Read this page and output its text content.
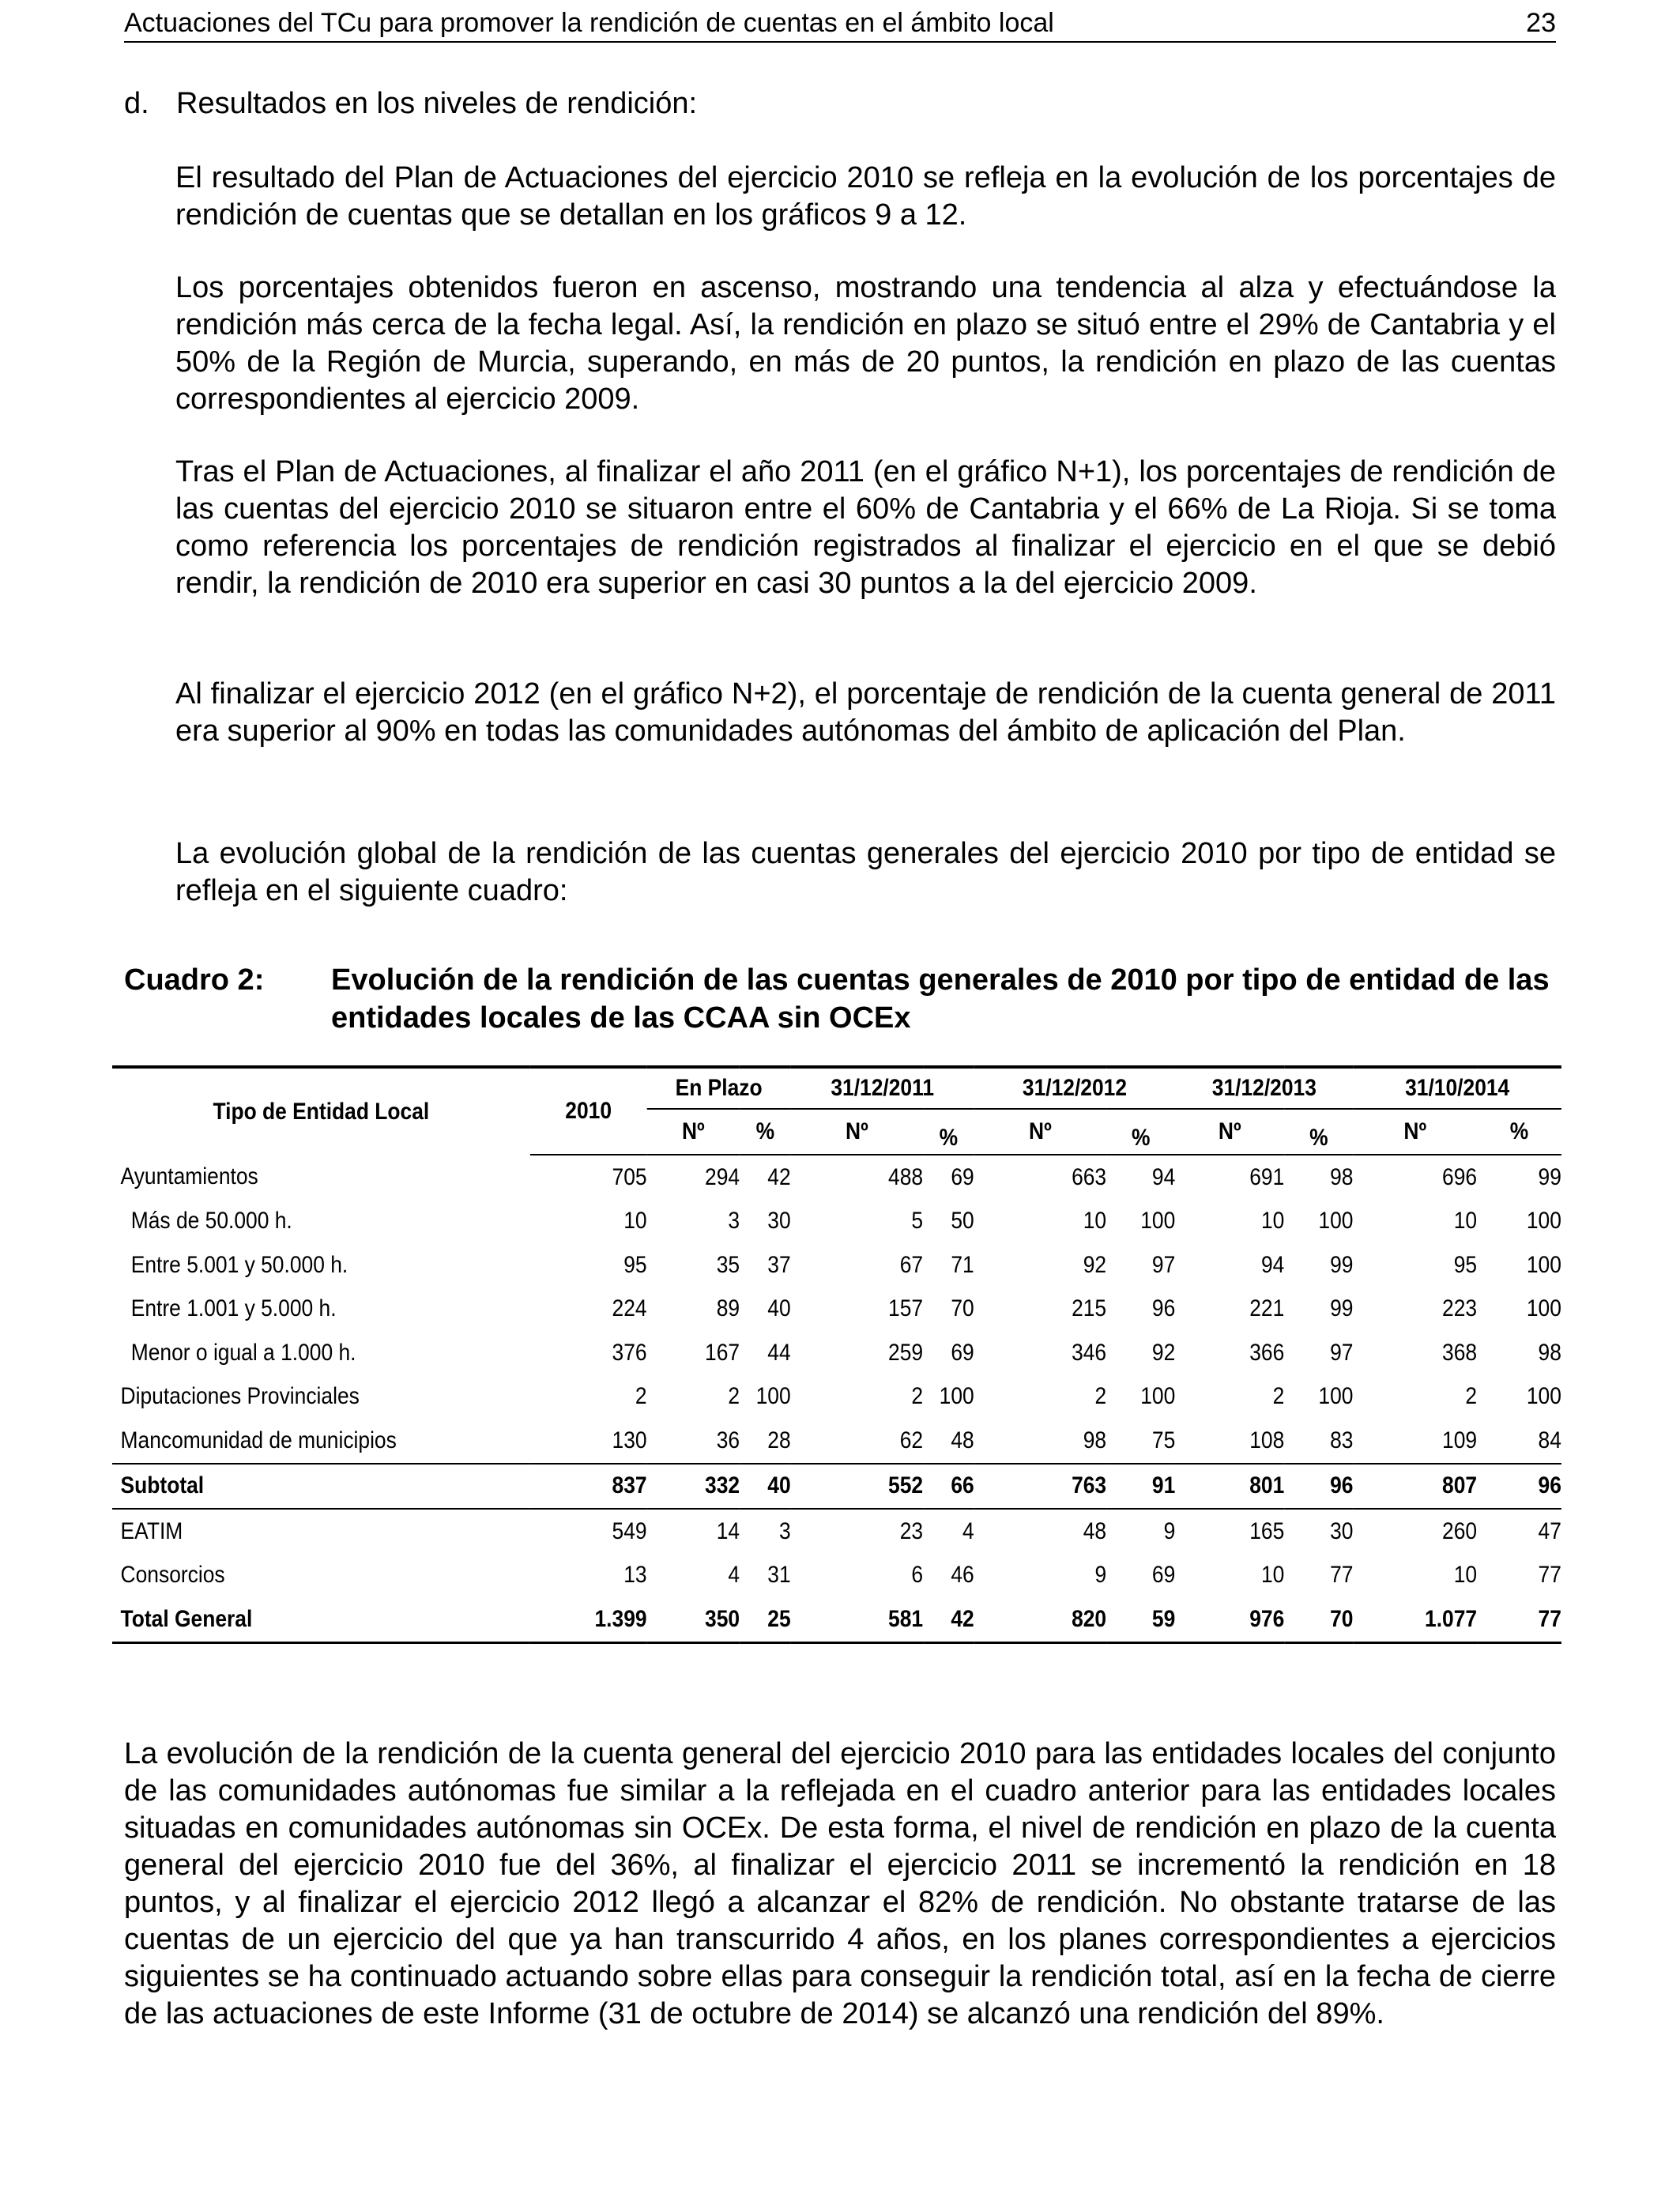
Actuaciones del TCu para promover la rendición de cuentas en el ámbito local	23
d. Resultados en los niveles de rendición:

El resultado del Plan de Actuaciones del ejercicio 2010 se refleja en la evolución de los porcentajes de rendición de cuentas que se detallan en los gráficos 9 a 12.

Los porcentajes obtenidos fueron en ascenso, mostrando una tendencia al alza y efectuándose la rendición más cerca de la fecha legal. Así, la rendición en plazo se situó entre el 29% de Cantabria y el 50% de la Región de Murcia, superando, en más de 20 puntos, la rendición en plazo de las cuentas correspondientes al ejercicio 2009.

Tras el Plan de Actuaciones, al finalizar el año 2011 (en el gráfico N+1), los porcentajes de rendición de las cuentas del ejercicio 2010 se situaron entre el 60% de Cantabria y el 66% de La Rioja. Si se toma como referencia los porcentajes de rendición registrados al finalizar el ejercicio en el que se debió rendir, la rendición de 2010 era superior en casi 30 puntos a la del ejercicio 2009.

Al finalizar el ejercicio 2012 (en el gráfico N+2), el porcentaje de rendición de la cuenta general de 2011 era superior al 90% en todas las comunidades autónomas del ámbito de aplicación del Plan.

La evolución global de la rendición de las cuentas generales del ejercicio 2010 por tipo de entidad se refleja en el siguiente cuadro:

Cuadro 2: Evolución de la rendición de las cuentas generales de 2010 por tipo de entidad de las entidades locales de las CCAA sin OCEx
Tipo de Entidad Local	2010	En Plazo		31/12/2011		31/12/2012		31/12/2013		31/10/2014	
		Nº	%	Nº	%	Nº	%	Nº	%	Nº	%
Ayuntamientos	705	294	42	488	69	663	94	691	98	696	99
Más de 50.000 h.	10	3	30	5	50	10	100	10	100	10	100
Entre 5.001 y 50.000 h.	95	35	37	67	71	92	97	94	99	95	100
Entre 1.001 y 5.000 h.	224	89	40	157	70	215	96	221	99	223	100
Menor o igual a 1.000 h.	376	167	44	259	69	346	92	366	97	368	98
Diputaciones Provinciales	2	2	100	2	100	2	100	2	100	2	100
Mancomunidad de municipios	130	36	28	62	48	98	75	108	83	109	84
Subtotal	837	332	40	552	66	763	91	801	96	807	96
EATIM	549	14	3	23	4	48	9	165	30	260	47
Consorcios	13	4	31	6	46	9	69	10	77	10	77
Total General	1.399	350	25	581	42	820	59	976	70	1.077	77

La evolución de la rendición de la cuenta general del ejercicio 2010 para las entidades locales del conjunto de las comunidades autónomas fue similar a la reflejada en el cuadro anterior para las entidades locales situadas en comunidades autónomas sin OCEx. De esta forma, el nivel de rendición en plazo de la cuenta general del ejercicio 2010 fue del 36%, al finalizar el ejercicio 2011 se incrementó la rendición en 18 puntos, y al finalizar el ejercicio 2012 llegó a alcanzar el 82% de rendición. No obstante tratarse de las cuentas de un ejercicio del que ya han transcurrido 4 años, en los planes correspondientes a ejercicios siguientes se ha continuado actuando sobre ellas para conseguir la rendición total, así en la fecha de cierre de las actuaciones de este Informe (31 de octubre de 2014) se alcanzó una rendición del 89%.
